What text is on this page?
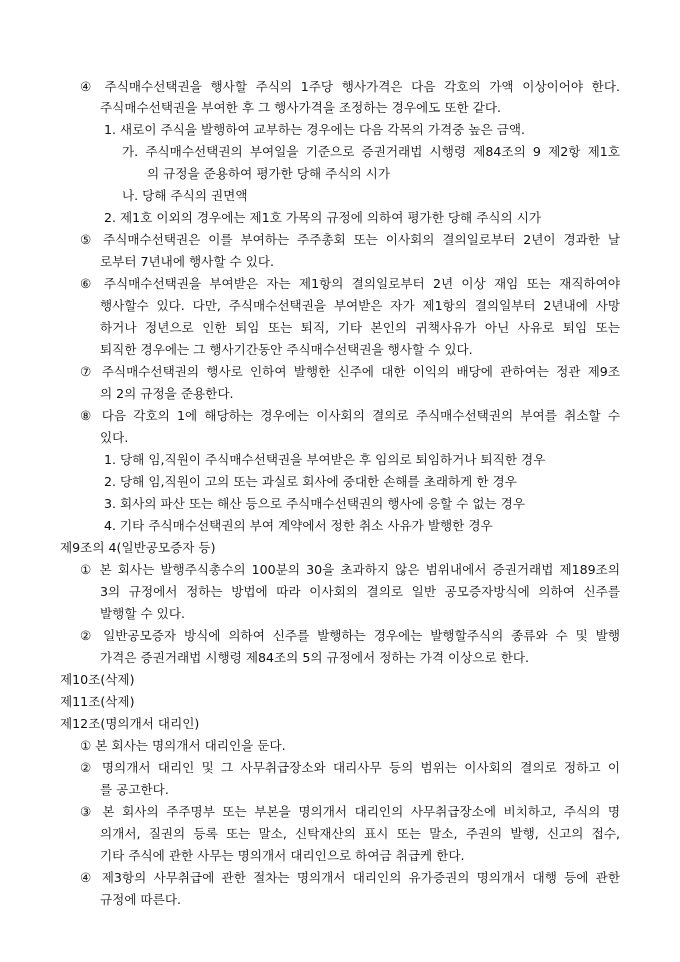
④ 주식매수선택권을 행사할 주식의 1주당 행사가격은 다음 각호의 가액 이상이어야 한다.
주식매수선택권을 부여한 후 그 행사가격을 조정하는 경우에도 또한 같다.
1. 새로이 주식을 발행하여 교부하는 경우에는 다음 각목의 가격중 높은 금액.
가. 주식매수선택권의 부여일을 기준으로 증권거래법 시행령 제84조의 9 제2항 제1호
의 규정을 준용하여 평가한 당해 주식의 시가
나. 당해 주식의 권면액
2. 제1호 이외의 경우에는 제1호 가목의 규정에 의하여 평가한 당해 주식의 시가
⑤ 주식매수선택권은 이를 부여하는 주주총회 또는 이사회의 결의일로부터 2년이 경과한 날
로부터 7년내에 행사할 수 있다.
⑥ 주식매수선택권을 부여받은 자는 제1항의 결의일로부터 2년 이상 재임 또는 재직하여야
행사할수 있다. 다만, 주식매수선택권을 부여받은 자가 제1항의 결의일부터 2년내에 사망
하거나 정년으로 인한 퇴임 또는 퇴직, 기타 본인의 귀책사유가 아닌 사유로 퇴임 또는
퇴직한 경우에는 그 행사기간동안 주식매수선택권을 행사할 수 있다.
⑦ 주식매수선택권의 행사로 인하여 발행한 신주에 대한 이익의 배당에 관하여는 정관 제9조
의 2의 규정을 준용한다.
⑧ 다음 각호의 1에 해당하는 경우에는 이사회의 결의로 주식매수선택권의 부여를 취소할 수
있다.
1. 당해 임,직원이 주식매수선택권을 부여받은 후 임의로 퇴임하거나 퇴직한 경우
2. 당해 임,직원이 고의 또는 과실로 회사에 중대한 손해를 초래하게 한 경우
3. 회사의 파산 또는 해산 등으로 주식매수선택권의 행사에 응할 수 없는 경우
4. 기타 주식매수선택권의 부여 계약에서 정한 취소 사유가 발행한 경우
제9조의 4(일반공모증자 등)
① 본 회사는 발행주식총수의 100분의 30을 초과하지 않은 범위내에서 증권거래법 제189조의
3의 규정에서 정하는 방법에 따라 이사회의 결의로 일반 공모증자방식에 의하여 신주를
발행할 수 있다.
② 일반공모증자 방식에 의하여 신주를 발행하는 경우에는 발행할주식의 종류와 수 및 발행
가격은 증권거래법 시행령 제84조의 5의 규정에서 정하는 가격 이상으로 한다.
제10조(삭제)
제11조(삭제)
제12조(명의개서 대리인)
① 본 회사는 명의개서 대리인을 둔다.
② 명의개서 대리인 및 그 사무취급장소와 대리사무 등의 범위는 이사회의 결의로 정하고 이
를 공고한다.
③ 본 회사의 주주명부 또는 부본을 명의개서 대리인의 사무취급장소에 비치하고, 주식의 명
의개서, 질권의 등록 또는 말소, 신탁재산의 표시 또는 말소, 주권의 발행, 신고의 접수,
기타 주식에 관한 사무는 명의개서 대리인으로 하여금 취급케 한다.
④ 제3항의 사무취급에 관한 절차는 명의개서 대리인의 유가증권의 명의개서 대행 등에 관한
규정에 따른다.
